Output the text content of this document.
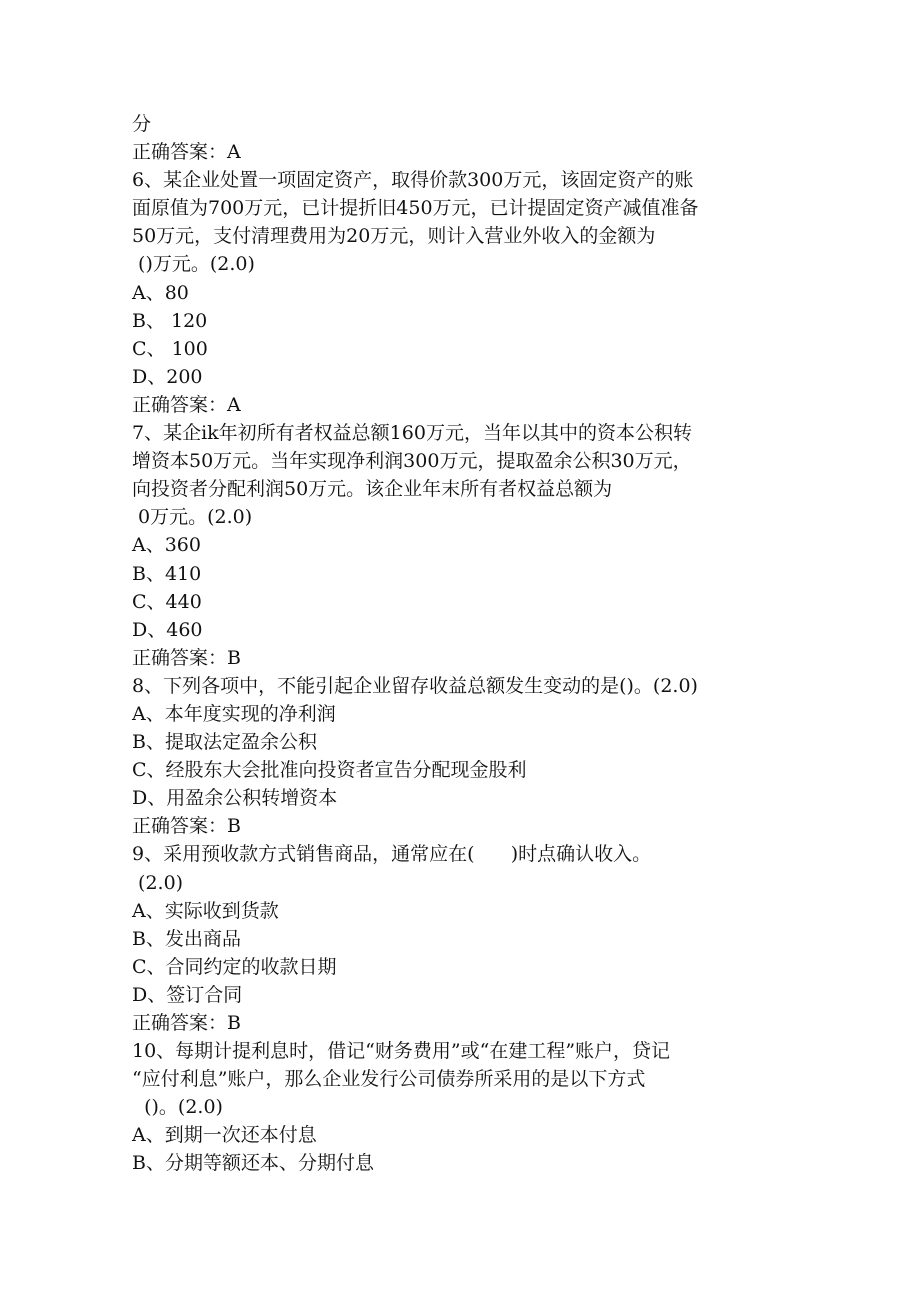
分
正确答案：A
6、某企业处置一项固定资产，取得价款300万元，该固定资产的账
面原值为700万元，已计提折旧450万元，已计提固定资产减值准备
50万元，支付清理费用为20万元，则计入营业外收入的金额为
()万元。(2.0)
A、80
B、 120
C、 100
D、200
正确答案：A
7、某企ik年初所有者权益总额160万元，当年以其中的资本公积转
增资本50万元。当年实现净利润300万元，提取盈余公积30万元，
向投资者分配利润50万元。该企业年末所有者权益总额为
0万元。(2.0)
A、360
B、410
C、440
D、460
正确答案：B
8、下列各项中，不能引起企业留存收益总额发生变动的是()。(2.0)
A、本年度实现的净利润
B、提取法定盈余公积
C、经股东大会批准向投资者宣告分配现金股利
D、用盈余公积转增资本
正确答案：B
9、采用预收款方式销售商品，通常应在(      )时点确认收入。
(2.0)
A、实际收到货款
B、发出商品
C、合同约定的收款日期
D、签订合同
正确答案：B
10、每期计提利息时，借记“财务费用”或“在建工程”账户，贷记
“应付利息”账户，那么企业发行公司债券所采用的是以下方式
()。(2.0)
A、到期一次还本付息
B、分期等额还本、分期付息
